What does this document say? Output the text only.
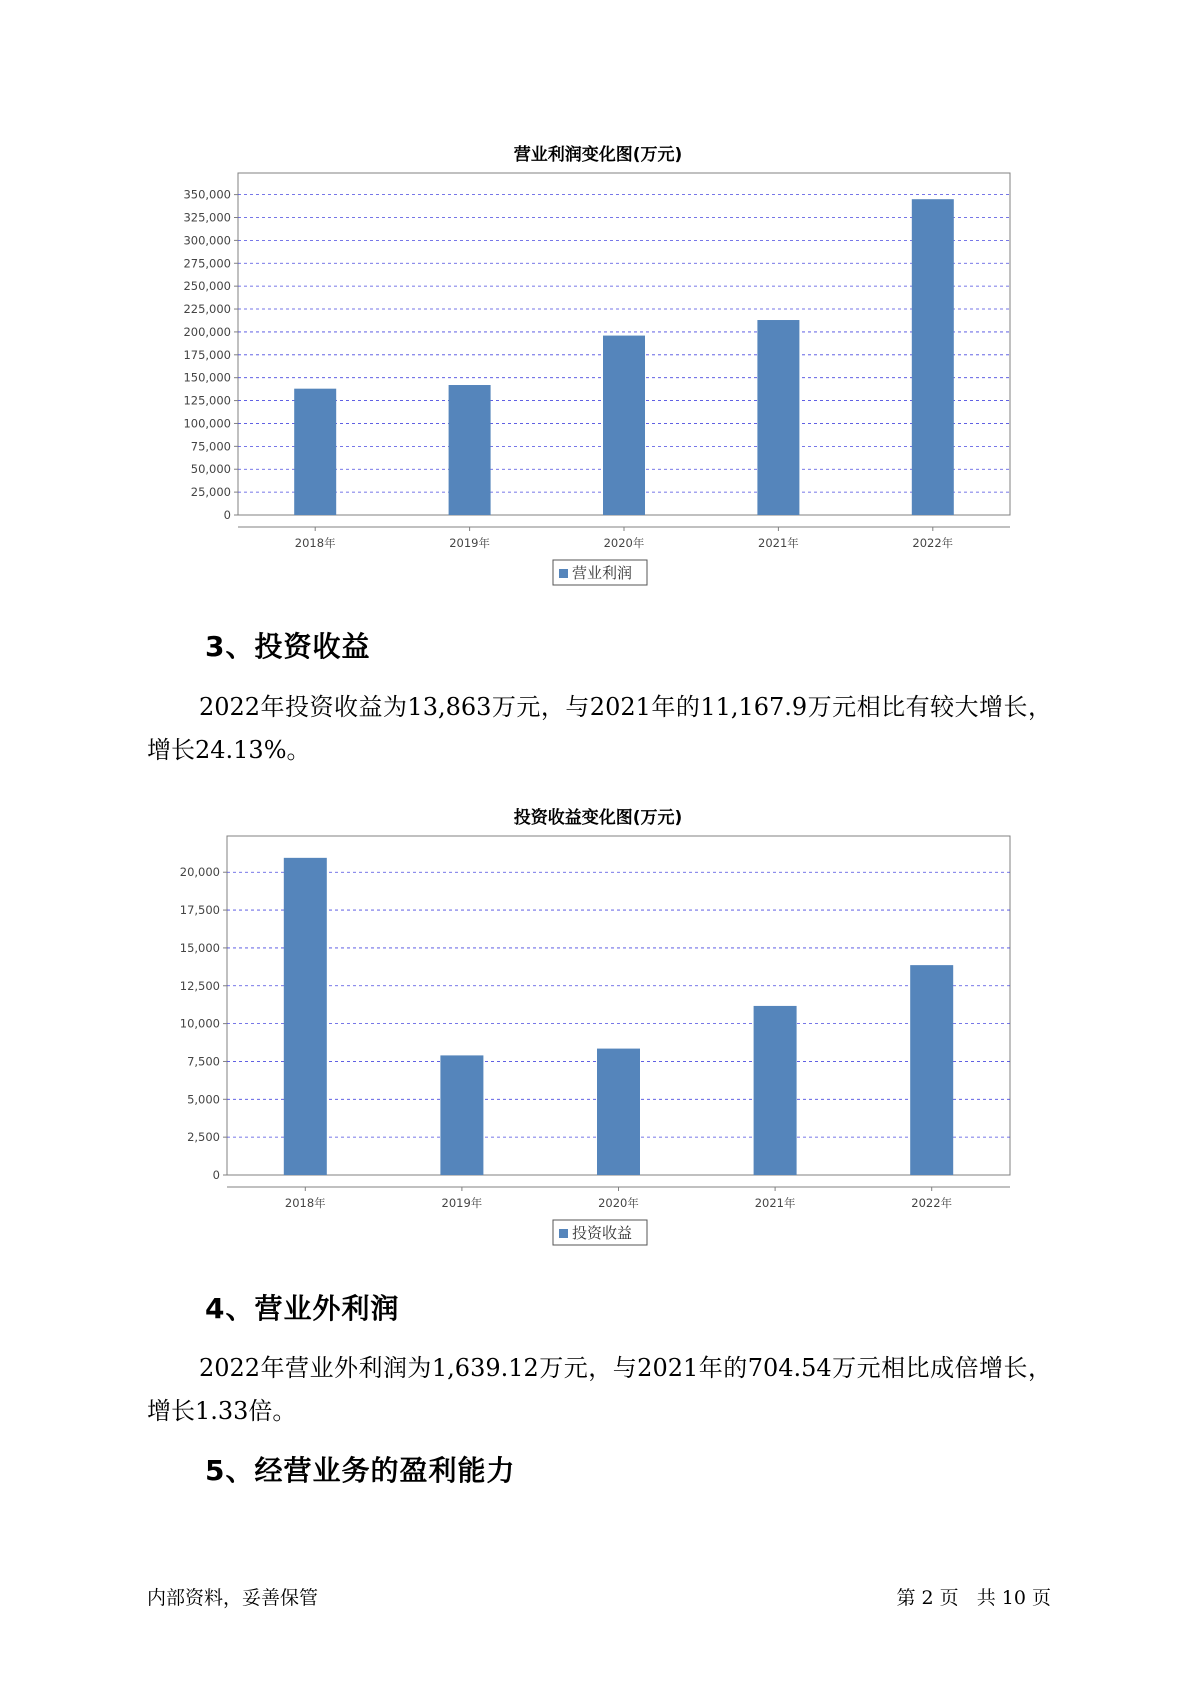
营业利润变化图(万元)
0
25,000
50,000
75,000
100,000
125,000
150,000
175,000
200,000
225,000
250,000
275,000
300,000
325,000
350,000
2018年	2019年	2020年	2021年	2022年
营业利润
3、投资收益

2022年投资收益为13,863万元，与2021年的11,167.9万元相比有较大增长，增长24.13%。

投资收益变化图(万元)
0
2,500
5,000
7,500
10,000
12,500
15,000
17,500
20,000
2018年	2019年	2020年	2021年	2022年
投资收益
4、营业外利润

2022年营业外利润为1,639.12万元，与2021年的704.54万元相比成倍增长，增长1.33倍。

5、经营业务的盈利能力
内部资料，妥善保管	第 2 页   共 10 页
